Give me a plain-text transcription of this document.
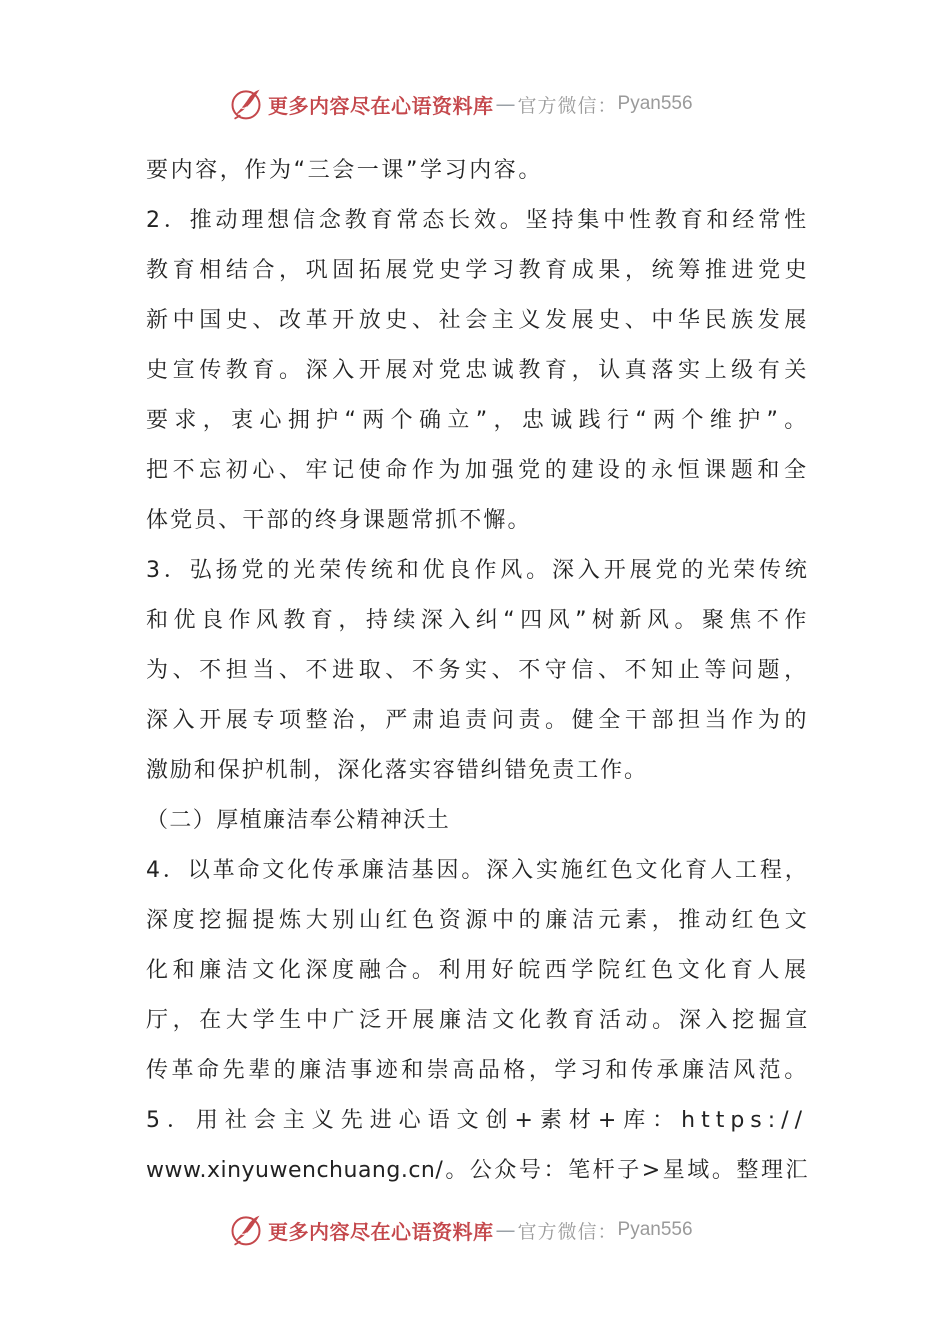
更多内容尽在心语资料库 — 官方微信： Pyan556
要内容，作为“三会一课”学习内容。
2．推动理想信念教育常态长效。坚持集中性教育和经常性
教育相结合，巩固拓展党史学习教育成果，统筹推进党史
新中国史、改革开放史、社会主义发展史、中华民族发展
史宣传教育。深入开展对党忠诚教育，认真落实上级有关
要求，衷心拥护“两个确立”，忠诚践行“两个维护”。
把不忘初心、牢记使命作为加强党的建设的永恒课题和全
体党员、干部的终身课题常抓不懈。
3．弘扬党的光荣传统和优良作风。深入开展党的光荣传统
和优良作风教育，持续深入纠“四风”树新风。聚焦不作
为、不担当、不进取、不务实、不守信、不知止等问题，
深入开展专项整治，严肃追责问责。健全干部担当作为的
激励和保护机制，深化落实容错纠错免责工作。
（二）厚植廉洁奉公精神沃土
4．以革命文化传承廉洁基因。深入实施红色文化育人工程，
深度挖掘提炼大别山红色资源中的廉洁元素，推动红色文
化和廉洁文化深度融合。利用好皖西学院红色文化育人展
厅，在大学生中广泛开展廉洁文化教育活动。深入挖掘宣
传革命先辈的廉洁事迹和崇高品格，学习和传承廉洁风范。
5．用社会主义先进心语文创+素材+库：https://
www.xinyuwenchuang.cn/。公众号：笔杆子>星域。整理汇
更多内容尽在心语资料库 — 官方微信： Pyan556
